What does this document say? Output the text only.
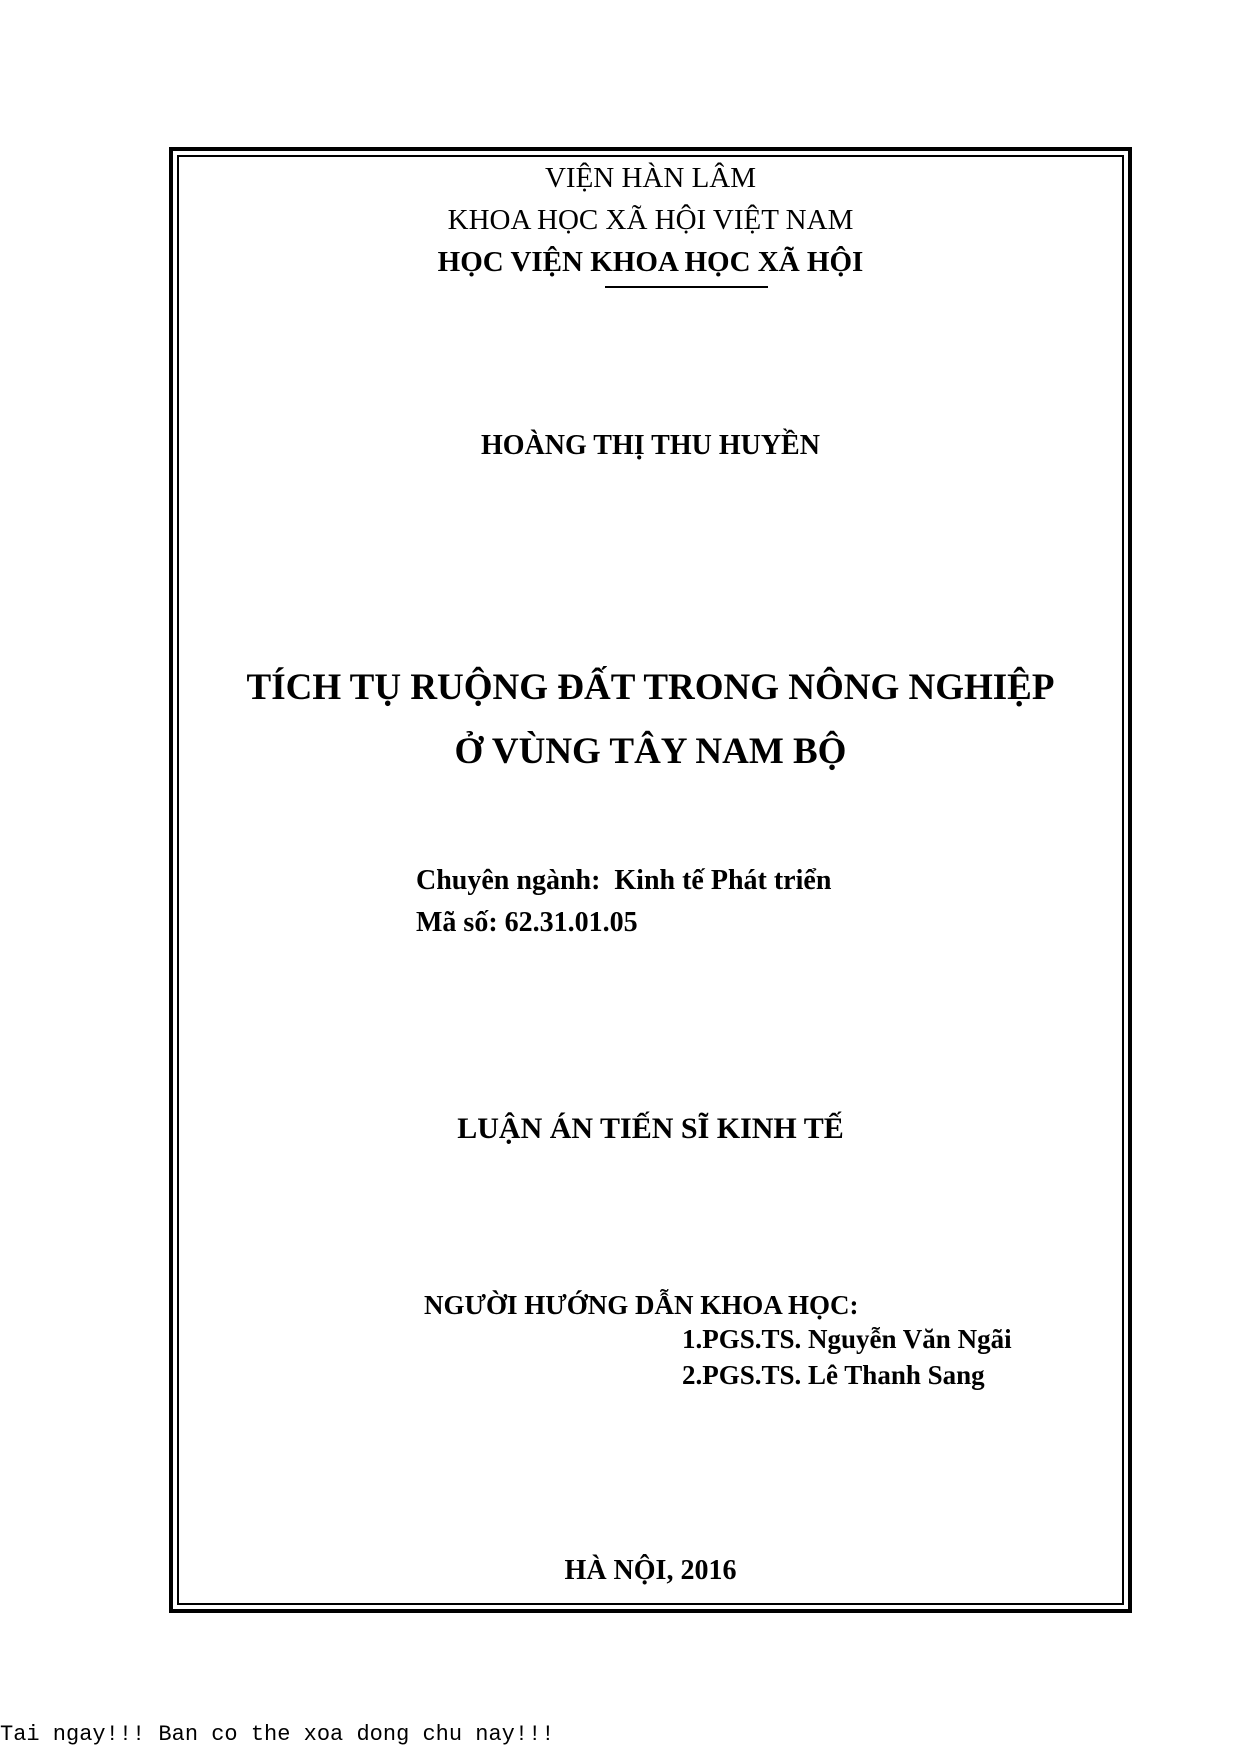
VIỆN HÀN LÂM

KHOA HỌC XÃ HỘI VIỆT NAM

HỌC VIỆN KHOA HỌC XÃ HỘI

HOÀNG THỊ THU HUYỀN

TÍCH TỤ RUỘNG ĐẤT TRONG NÔNG NGHIỆP

Ở VÙNG TÂY NAM BỘ

Chuyên ngành: Kinh tế Phát triển

Mã số: 62.31.01.05

LUẬN ÁN TIẾN SĨ KINH TẾ

NGƯỜI HƯỚNG DẪN KHOA HỌC:

1.PGS.TS. Nguyễn Văn Ngãi

2.PGS.TS. Lê Thanh Sang

HÀ NỘI, 2016

Tai ngay!!! Ban co the xoa dong chu nay!!!
